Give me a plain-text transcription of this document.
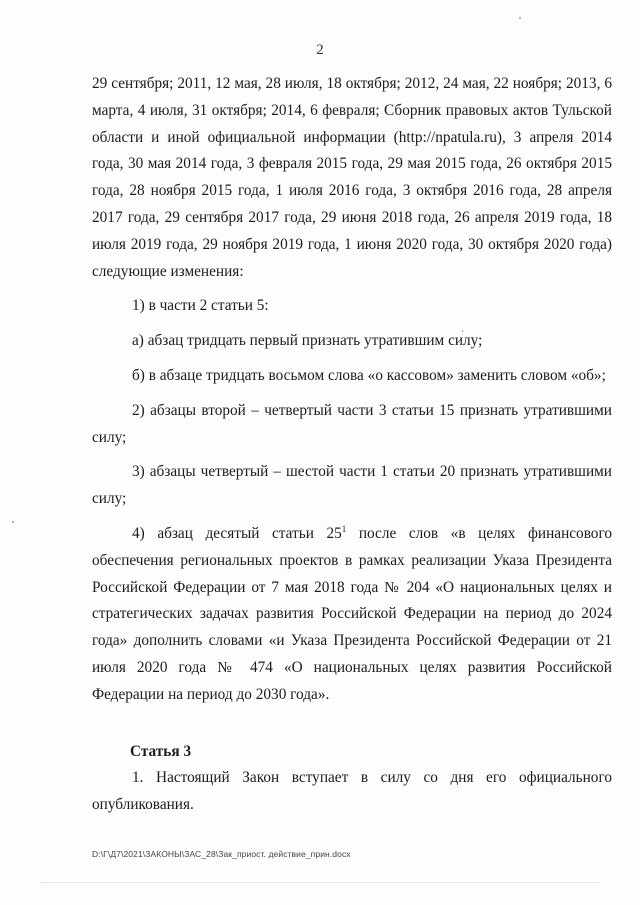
2

29 сентября; 2011, 12 мая, 28 июля, 18 октября; 2012, 24 мая, 22 ноября; 2013, 6 марта, 4 июля, 31 октября; 2014, 6 февраля; Сборник правовых актов Тульской области и иной официальной информации (http://npatula.ru), 3 апреля 2014 года, 30 мая 2014 года, 3 февраля 2015 года, 29 мая 2015 года, 26 октября 2015 года, 28 ноября 2015 года, 1 июля 2016 года, 3 октября 2016 года, 28 апреля 2017 года, 29 сентября 2017 года, 29 июня 2018 года, 26 апреля 2019 года, 18 июля 2019 года, 29 ноября 2019 года, 1 июня 2020 года, 30 октября 2020 года) следующие изменения:

1) в части 2 статьи 5:

а) абзац тридцать первый признать утратившим силу;

б) в абзаце тридцать восьмом слова «о кассовом» заменить словом «об»;

2) абзацы второй – четвертый части 3 статьи 15 признать утратившими силу;

3) абзацы четвертый – шестой части 1 статьи 20 признать утратившими силу;

4) абзац десятый статьи $25^1$ после слов «в целях финансового обеспечения региональных проектов в рамках реализации Указа Президента Российской Федерации от 7 мая 2018 года № 204 «О национальных целях и стратегических задачах развития Российской Федерации на период до 2024 года» дополнить словами «и Указа Президента Российской Федерации от 21 июля 2020 года № 474 «О национальных целях развития Российской Федерации на период до 2030 года».

Статья 3

1. Настоящий Закон вступает в силу со дня его официального опубликования.

D:\Г\Д7\2021\ЗАКОНЫ\ЗАС_28\Зак_приост. действие_прин.docx
